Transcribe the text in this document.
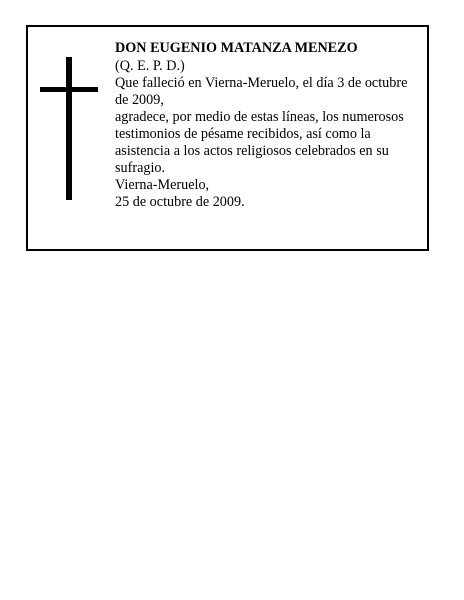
DON EUGENIO MATANZA MENEZO
(Q. E. P. D.)
Que falleció en Vierna-Meruelo, el día 3 de octubre de 2009,
agradece, por medio de estas líneas, los numerosos testimonios de pésame recibidos, así como la asistencia a los actos religiosos celebrados en su sufragio.
Vierna-Meruelo,
25 de octubre de 2009.
